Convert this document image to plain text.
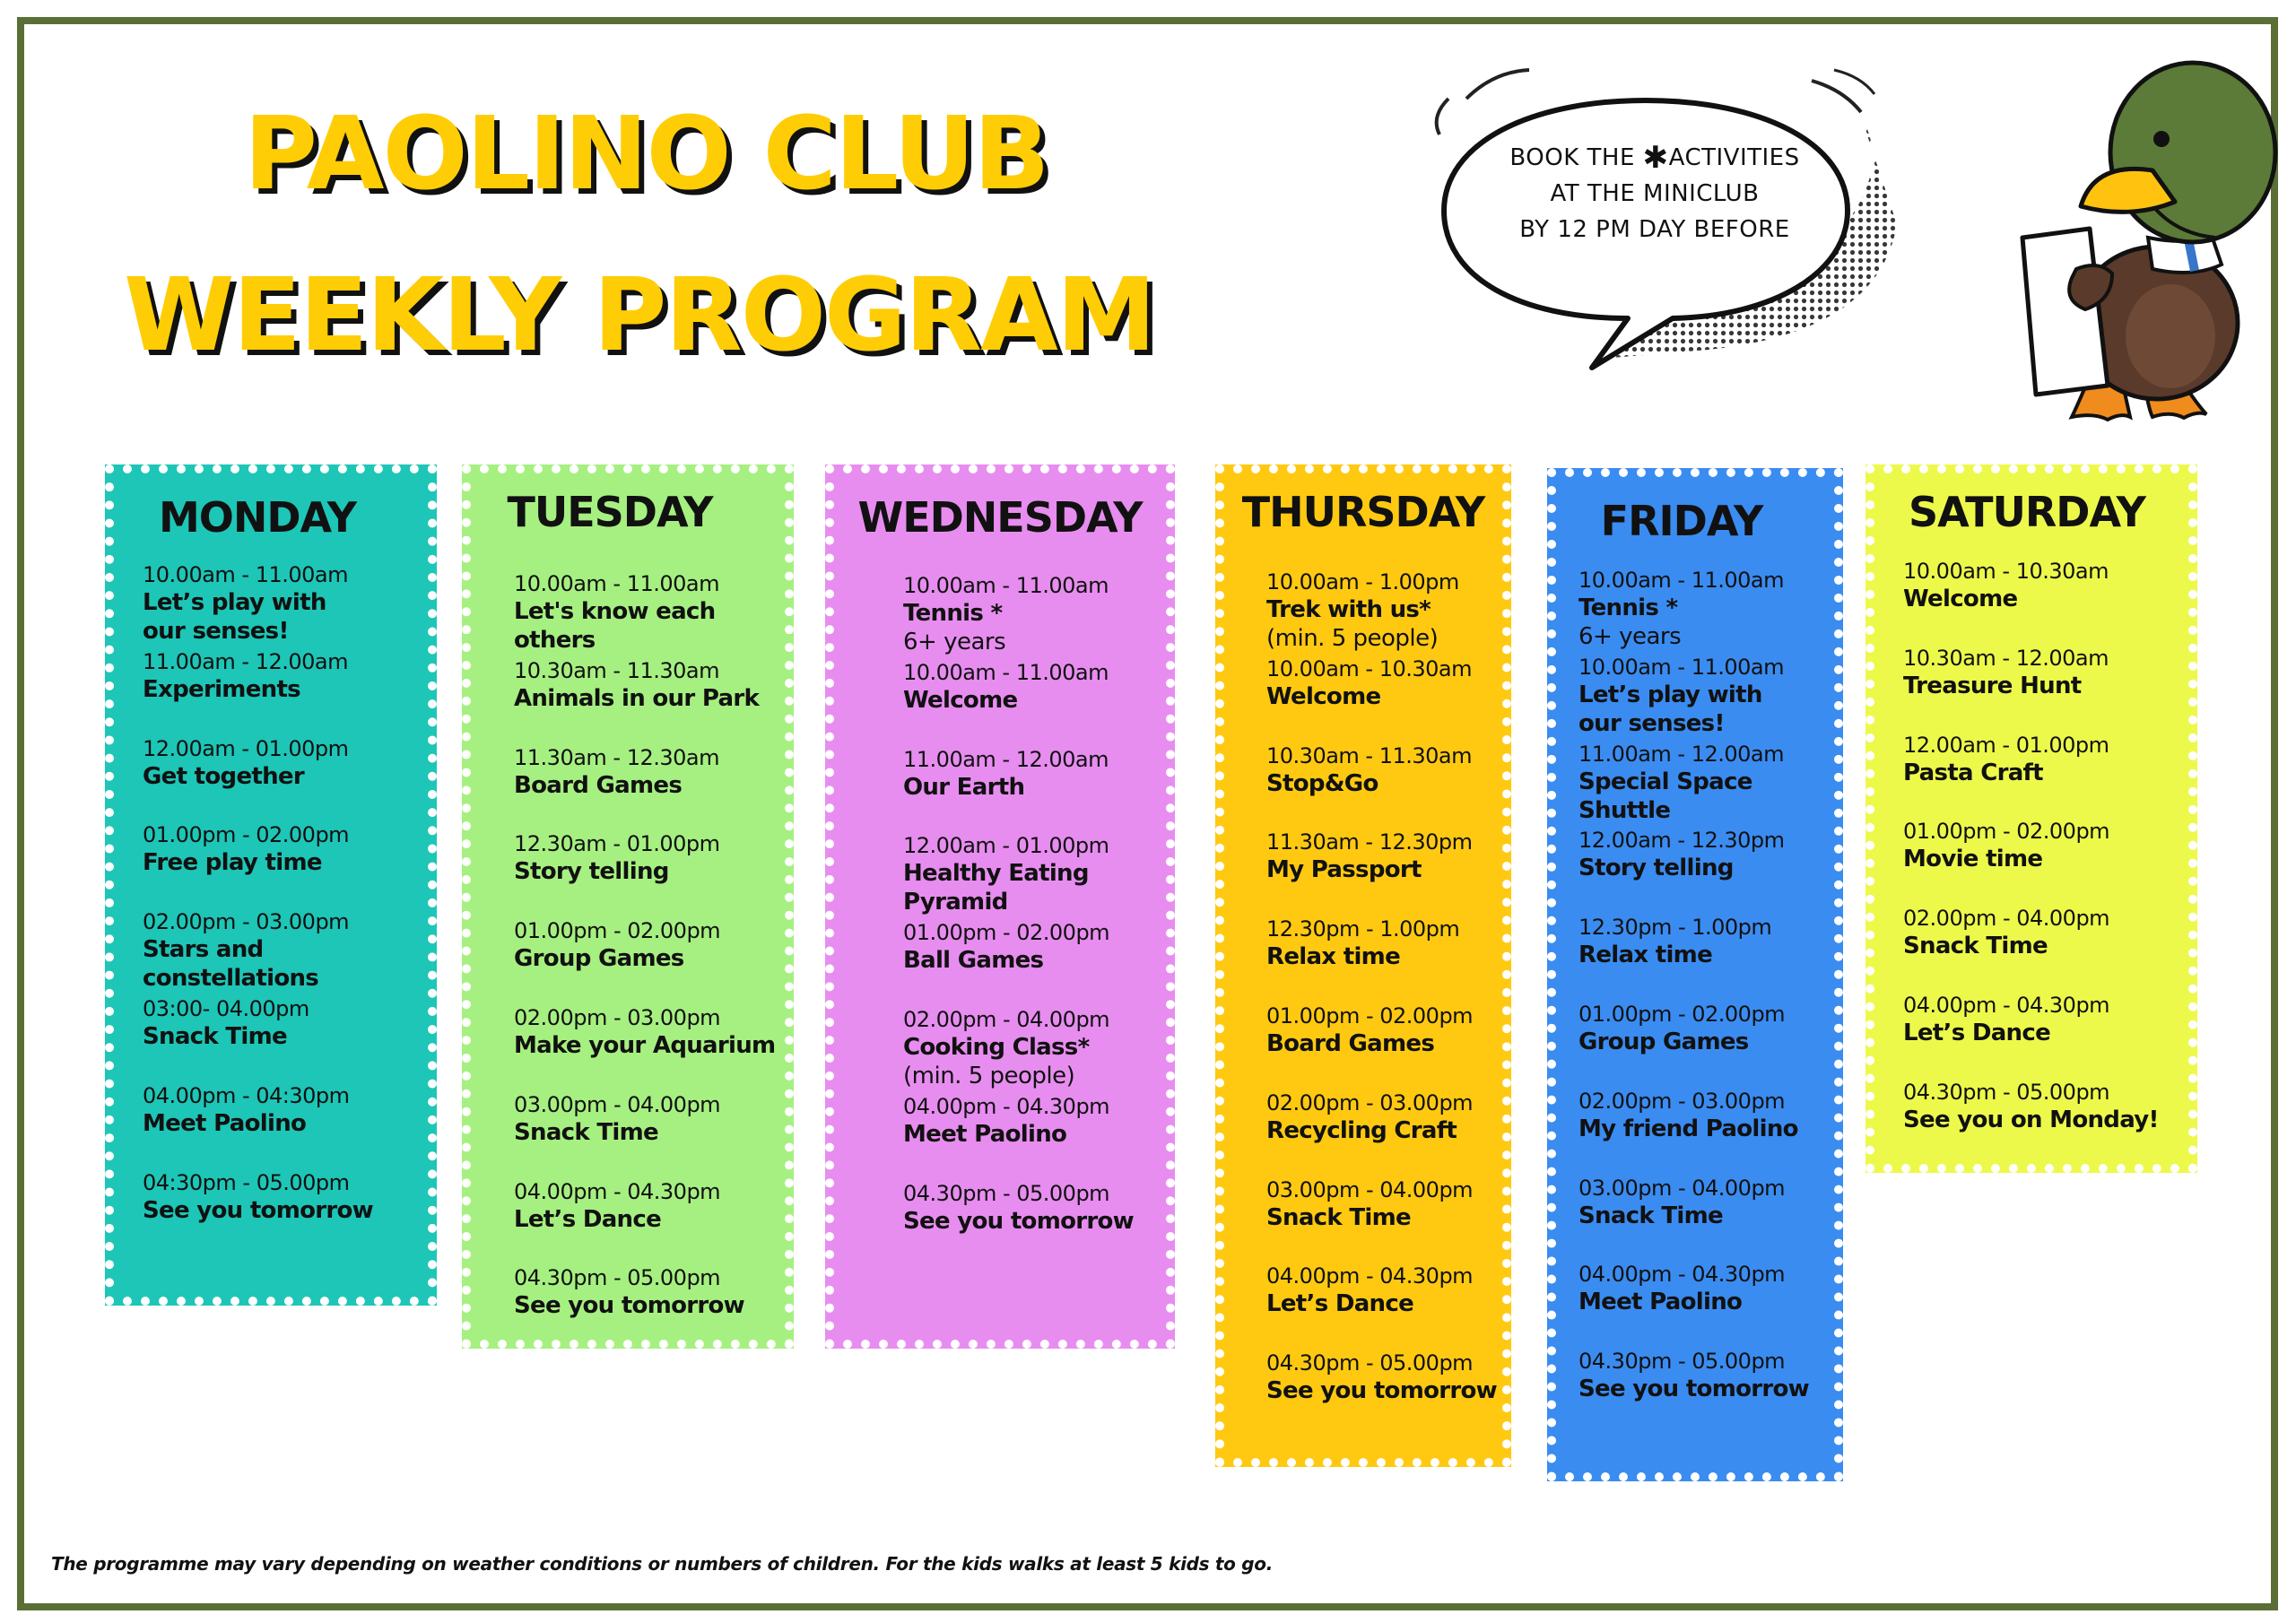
PAOLINO CLUB
WEEKLY PROGRAM
BOOK THE ✱ACTIVITIES
AT THE MINICLUB
BY 12 PM DAY BEFORE
MONDAY
10.00am - 11.00am
Let’s play with
our senses!
11.00am - 12.00am
Experiments
12.00am - 01.00pm
Get together
01.00pm - 02.00pm
Free play time
02.00pm - 03.00pm
Stars and constellations
03:00- 04.00pm
Snack Time
04.00pm - 04:30pm
Meet Paolino
04:30pm - 05.00pm
See you tomorrow
TUESDAY
10.00am - 11.00am
Let's know each others
10.30am - 11.30am
Animals in our Park
11.30am - 12.30am
Board Games
12.30am - 01.00pm
Story telling
01.00pm - 02.00pm
Group Games
02.00pm - 03.00pm
Make your Aquarium
03.00pm - 04.00pm
Snack Time
04.00pm - 04.30pm
Let’s Dance
04.30pm - 05.00pm
See you tomorrow
WEDNESDAY
10.00am - 11.00am
Tennis *
6+ years
10.00am - 11.00am
Welcome
11.00am - 12.00am
Our Earth
12.00am - 01.00pm
Healthy Eating
Pyramid
01.00pm - 02.00pm
Ball Games
02.00pm - 04.00pm
Cooking Class*
(min. 5 people)
04.00pm - 04.30pm
Meet Paolino
04.30pm - 05.00pm
See you tomorrow
THURSDAY
10.00am - 1.00pm
Trek with us*
(min. 5 people)
10.00am - 10.30am
Welcome
10.30am - 11.30am
Stop&Go
11.30am - 12.30pm
My Passport
12.30pm - 1.00pm
Relax time
01.00pm - 02.00pm
Board Games
02.00pm - 03.00pm
Recycling Craft
03.00pm - 04.00pm
Snack Time
04.00pm - 04.30pm
Let’s Dance
04.30pm - 05.00pm
See you tomorrow
FRIDAY
10.00am - 11.00am
Tennis *
6+ years
10.00am - 11.00am
Let’s play with
our senses!
11.00am - 12.00am
Special Space Shuttle
12.00am - 12.30pm
Story telling
12.30pm - 1.00pm
Relax time
01.00pm - 02.00pm
Group Games
02.00pm - 03.00pm
My friend Paolino
03.00pm - 04.00pm
Snack Time
04.00pm - 04.30pm
Meet Paolino
04.30pm - 05.00pm
See you tomorrow
SATURDAY
10.00am - 10.30am
Welcome
10.30am - 12.00am
Treasure Hunt
12.00am - 01.00pm
Pasta Craft
01.00pm - 02.00pm
Movie time
02.00pm - 04.00pm
Snack Time
04.00pm - 04.30pm
Let’s Dance
04.30pm - 05.00pm
See you on Monday!
The programme may vary depending on weather conditions or numbers of children. For the kids walks at least 5 kids to go.
